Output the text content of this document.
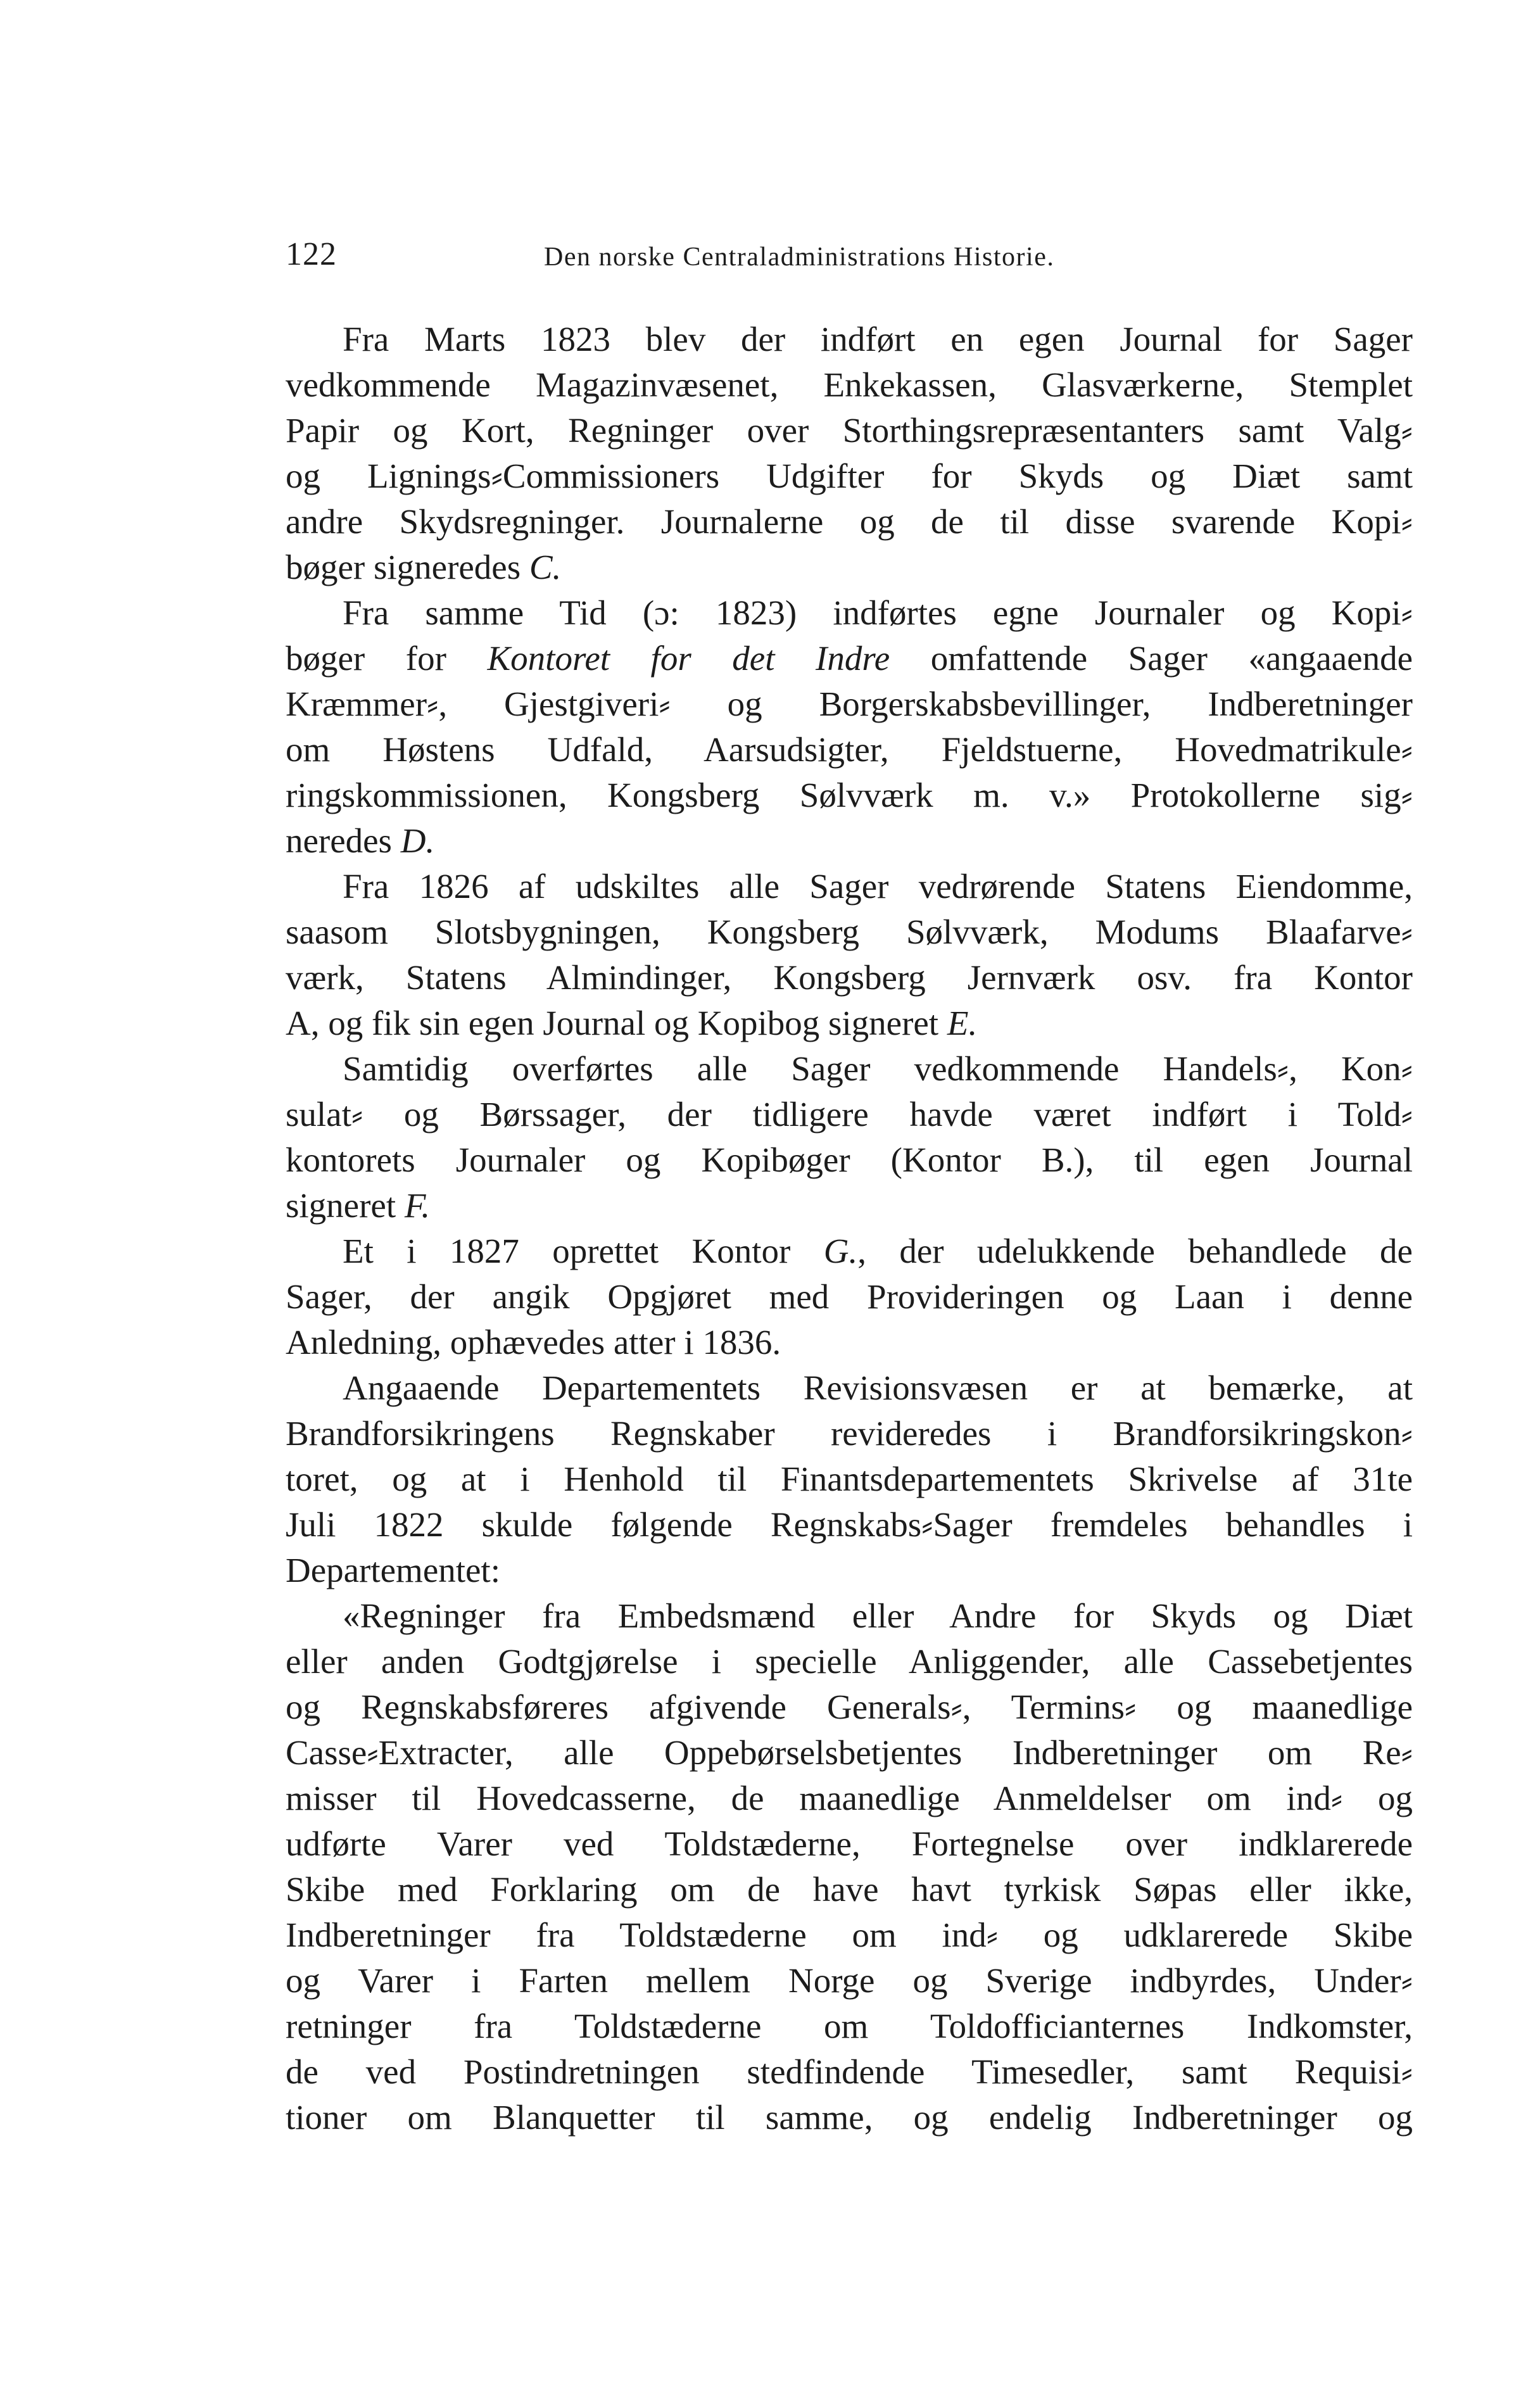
122	Den norske Centraladministrations Historie.
Fra Marts 1823 blev der indført en egen Journal for Sager
vedkommende Magazinvæsenet, Enkekassen, Glasværkerne, Stemplet
Papir og Kort, Regninger over Storthingsrepræsentanters samt Valg⸗
og Lignings⸗Commissioners Udgifter for Skyds og Diæt samt
andre Skydsregninger. Journalerne og de til disse svarende Kopi⸗
bøger signeredes C.
Fra samme Tid (ɔ: 1823) indførtes egne Journaler og Kopi⸗
bøger for Kontoret for det Indre omfattende Sager «angaaende
Kræmmer⸗, Gjestgiveri⸗ og Borgerskabsbevillinger, Indberetninger
om Høstens Udfald, Aarsudsigter, Fjeldstuerne, Hovedmatrikule⸗
ringskommissionen, Kongsberg Sølvværk m. v.» Protokollerne sig⸗
neredes D.
Fra 1826 af udskiltes alle Sager vedrørende Statens Eiendomme,
saasom Slotsbygningen, Kongsberg Sølvværk, Modums Blaafarve⸗
værk, Statens Almindinger, Kongsberg Jernværk osv. fra Kontor
A, og fik sin egen Journal og Kopibog signeret E.
Samtidig overførtes alle Sager vedkommende Handels⸗, Kon⸗
sulat⸗ og Børssager, der tidligere havde været indført i Told⸗
kontorets Journaler og Kopibøger (Kontor B.), til egen Journal
signeret F.
Et i 1827 oprettet Kontor G., der udelukkende behandlede de
Sager, der angik Opgjøret med Provideringen og Laan i denne
Anledning, ophævedes atter i 1836.
Angaaende Departementets Revisionsvæsen er at bemærke, at
Brandforsikringens Regnskaber revideredes i Brandforsikringskon⸗
toret, og at i Henhold til Finantsdepartementets Skrivelse af 31te
Juli 1822 skulde følgende Regnskabs⸗Sager fremdeles behandles i
Departementet:
«Regninger fra Embedsmænd eller Andre for Skyds og Diæt
eller anden Godtgjørelse i specielle Anliggender, alle Cassebetjentes
og Regnskabsføreres afgivende Generals⸗, Termins⸗ og maanedlige
Casse⸗Extracter, alle Oppebørselsbetjentes Indberetninger om Re⸗
misser til Hovedcasserne, de maanedlige Anmeldelser om ind⸗ og
udførte Varer ved Toldstæderne, Fortegnelse over indklarerede
Skibe med Forklaring om de have havt tyrkisk Søpas eller ikke,
Indberetninger fra Toldstæderne om ind⸗ og udklarerede Skibe
og Varer i Farten mellem Norge og Sverige indbyrdes, Under⸗
retninger fra Toldstæderne om Toldofficianternes Indkomster,
de ved Postindretningen stedfindende Timesedler, samt Requisi⸗
tioner om Blanquetter til samme, og endelig Indberetninger og
